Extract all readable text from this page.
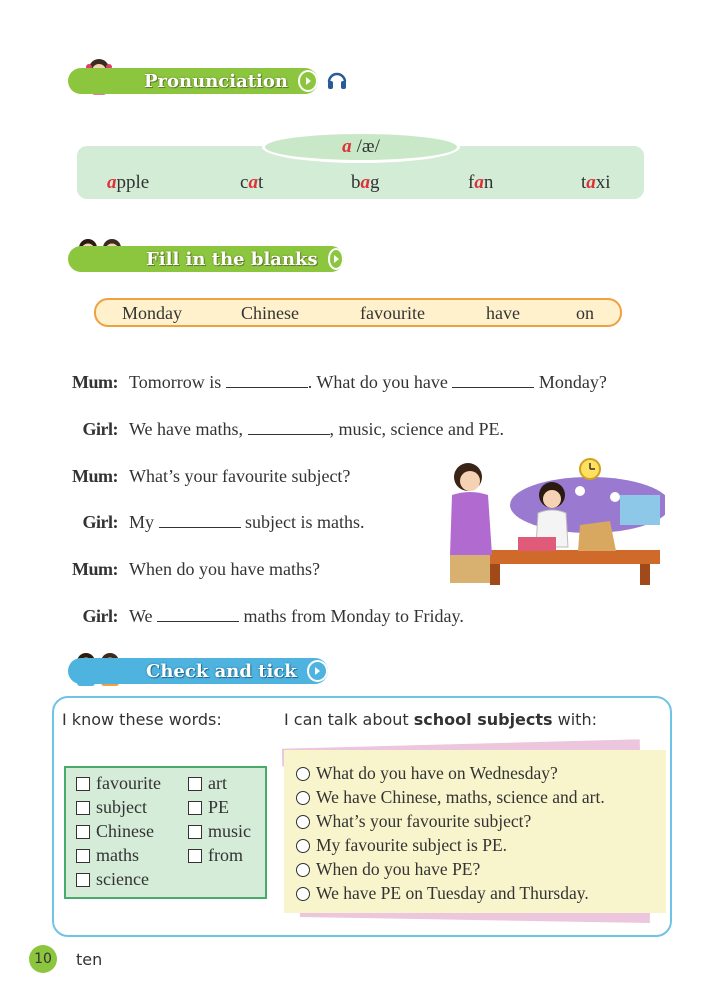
Pronunciation
a /æ/
apple	cat	bag	fan	taxi
Fill in the blanks
Monday	Chinese	favourite	have	on
Mum: Tomorrow is	. What do you have	Monday?
Girl: We have maths,	, music, science and PE.
Mum: What’s your favourite subject?
Girl: My	subject is maths.
Mum: When do you have maths?
Girl: We	maths from Monday to Friday.
Check and tick
I know these words:	I can talk about school subjects with:
favourite
subject
Chinese
maths
science
art
PE
music
from
What do you have on Wednesday?
We have Chinese, maths, science and art.
What’s your favourite subject?
My favourite subject is PE.
When do you have PE?
We have PE on Tuesday and Thursday.
10	ten
